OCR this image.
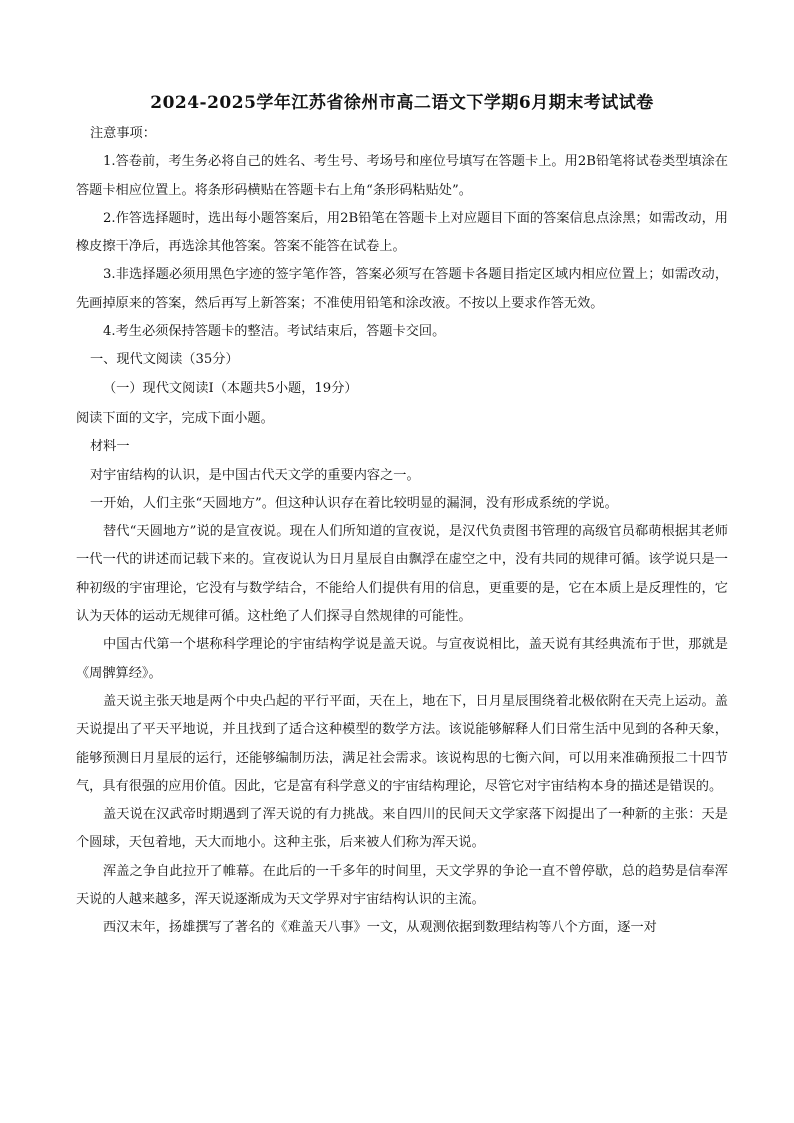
2024-2025学年江苏省徐州市高二语文下学期6月期末考试试卷

注意事项：

1.答卷前，考生务必将自己的姓名、考生号、考场号和座位号填写在答题卡上。用2B铅笔将试卷类型填涂在答题卡相应位置上。将条形码横贴在答题卡右上角“条形码粘贴处”。

2.作答选择题时，选出每小题答案后，用2B铅笔在答题卡上对应题目下面的答案信息点涂黑；如需改动，用橡皮擦干净后，再选涂其他答案。答案不能答在试卷上。

3.非选择题必须用黑色字迹的签字笔作答，答案必须写在答题卡各题目指定区域内相应位置上；如需改动，先画掉原来的答案，然后再写上新答案；不准使用铅笔和涂改液。不按以上要求作答无效。

4.考生必须保持答题卡的整洁。考试结束后，答题卡交回。

一、现代文阅读（35分）

（一）现代文阅读Ⅰ（本题共5小题，19分）

阅读下面的文字，完成下面小题。

材料一

对宇宙结构的认识，是中国古代天文学的重要内容之一。

一开始，人们主张“天圆地方”。但这种认识存在着比较明显的漏洞，没有形成系统的学说。

替代“天圆地方”说的是宣夜说。现在人们所知道的宣夜说，是汉代负责图书管理的高级官员郗萌根据其老师一代一代的讲述而记载下来的。宣夜说认为日月星辰自由飘浮在虚空之中，没有共同的规律可循。该学说只是一种初级的宇宙理论，它没有与数学结合，不能给人们提供有用的信息，更重要的是，它在本质上是反理性的，它认为天体的运动无规律可循。这杜绝了人们探寻自然规律的可能性。

中国古代第一个堪称科学理论的宇宙结构学说是盖天说。与宣夜说相比，盖天说有其经典流布于世，那就是《周髀算经》。

盖天说主张天地是两个中央凸起的平行平面，天在上，地在下，日月星辰围绕着北极依附在天壳上运动。盖天说提出了平天平地说，并且找到了适合这种模型的数学方法。该说能够解释人们日常生活中见到的各种天象，能够预测日月星辰的运行，还能够编制历法，满足社会需求。该说构思的七衡六间，可以用来准确预报二十四节气，具有很强的应用价值。因此，它是富有科学意义的宇宙结构理论，尽管它对宇宙结构本身的描述是错误的。

盖天说在汉武帝时期遇到了浑天说的有力挑战。来自四川的民间天文学家落下闳提出了一种新的主张：天是个圆球，天包着地，天大而地小。这种主张，后来被人们称为浑天说。

浑盖之争自此拉开了帷幕。在此后的一千多年的时间里，天文学界的争论一直不曾停歇，总的趋势是信奉浑天说的人越来越多，浑天说逐渐成为天文学界对宇宙结构认识的主流。

西汉末年，扬雄撰写了著名的《难盖天八事》一文，从观测依据到数理结构等八个方面，逐一对
